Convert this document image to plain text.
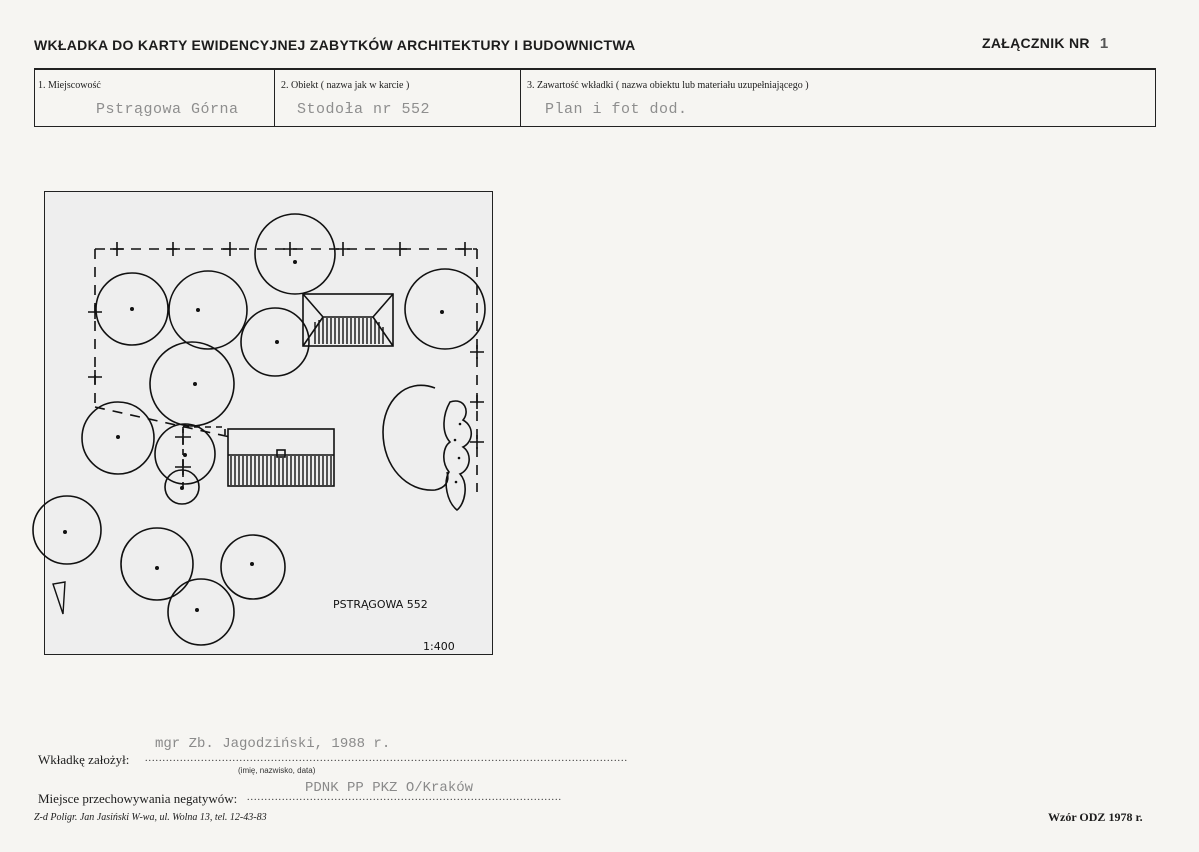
WKŁADKA DO KARTY EWIDENCYJNEJ ZABYTKÓW ARCHITEKTURY I BUDOWNICTWA	ZAŁĄCZNIK NR 1
1. Miejscowość
Pstrągowa Górna
2. Obiekt ( nazwa jak w karcie )
Stodoła nr 552
3. Zawartość wkładki ( nazwa obiektu lub materiału uzupełniającego )
Plan i fot dod.
PSTRĄGOWA 552
1:400
mgr Zb. Jagodziński, 1988 r.
Wkładkę założył: ..........................................................................................................................................
(imię, nazwisko, data)
PDNK PP PKZ O/Kraków
Miejsce przechowywania negatywów: ..........................................................................................
Z-d Poligr. Jan Jasiński W-wa, ul. Wolna 13, tel. 12-43-83	Wzór ODZ 1978 r.
